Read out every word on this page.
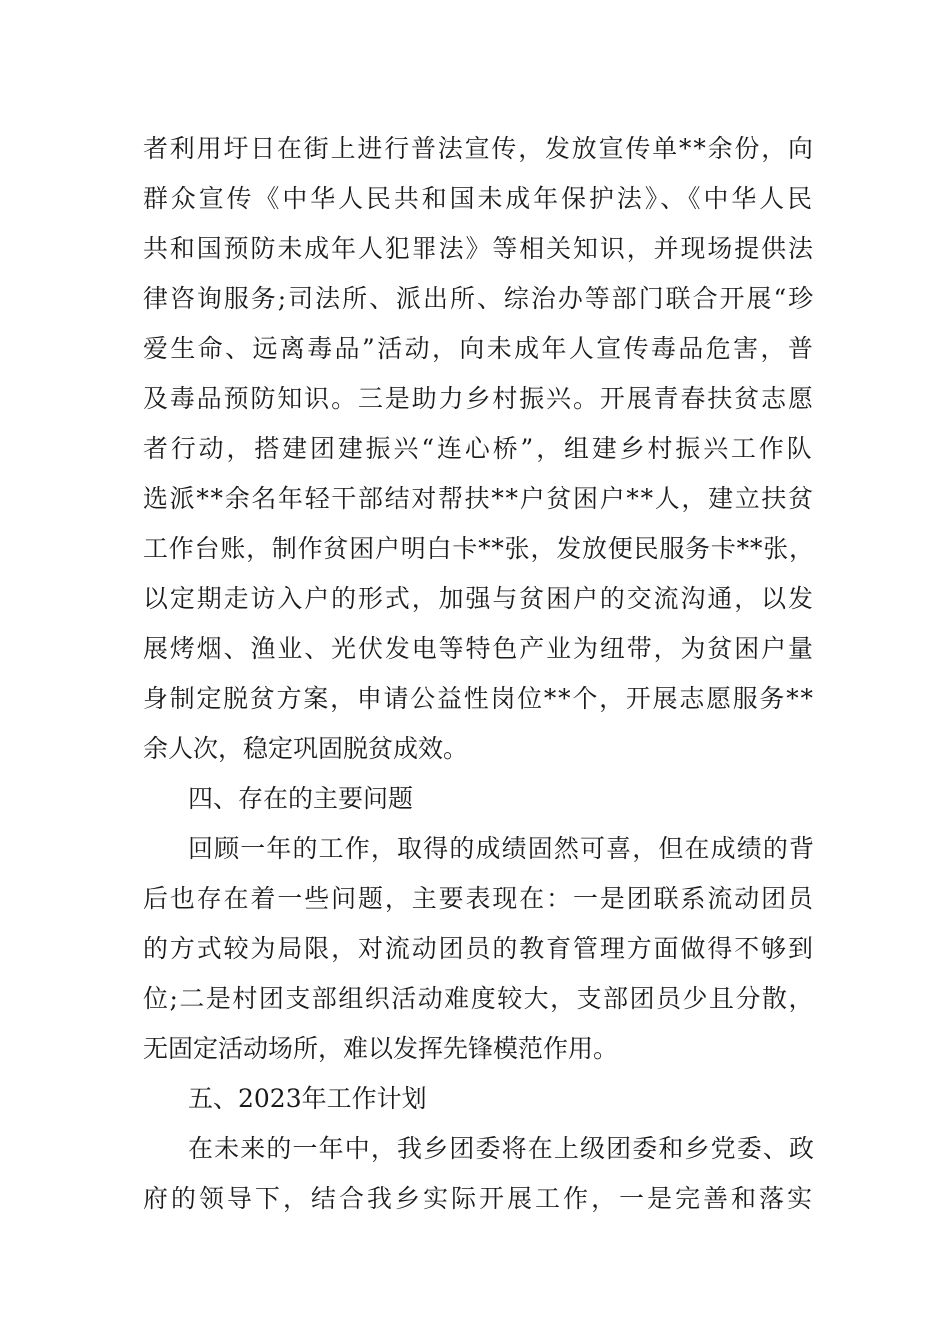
者利用圩日在街上进行普法宣传，发放宣传单**余份，向
群众宣传《中华人民共和国未成年保护法》、《中华人民
共和国预防未成年人犯罪法》等相关知识，并现场提供法
律咨询服务;司法所、派出所、综治办等部门联合开展“珍
爱生命、远离毒品”活动，向未成年人宣传毒品危害，普
及毒品预防知识。三是助力乡村振兴。开展青春扶贫志愿
者行动，搭建团建振兴“连心桥”，组建乡村振兴工作队
选派**余名年轻干部结对帮扶**户贫困户**人，建立扶贫
工作台账，制作贫困户明白卡**张，发放便民服务卡**张，
以定期走访入户的形式，加强与贫困户的交流沟通，以发
展烤烟、渔业、光伏发电等特色产业为纽带，为贫困户量
身制定脱贫方案，申请公益性岗位**个，开展志愿服务**
余人次，稳定巩固脱贫成效。
四、存在的主要问题
回顾一年的工作，取得的成绩固然可喜，但在成绩的背
后也存在着一些问题，主要表现在：一是团联系流动团员
的方式较为局限，对流动团员的教育管理方面做得不够到
位;二是村团支部组织活动难度较大，支部团员少且分散，
无固定活动场所，难以发挥先锋模范作用。
五、2023年工作计划
在未来的一年中，我乡团委将在上级团委和乡党委、政
府的领导下，结合我乡实际开展工作，一是完善和落实
